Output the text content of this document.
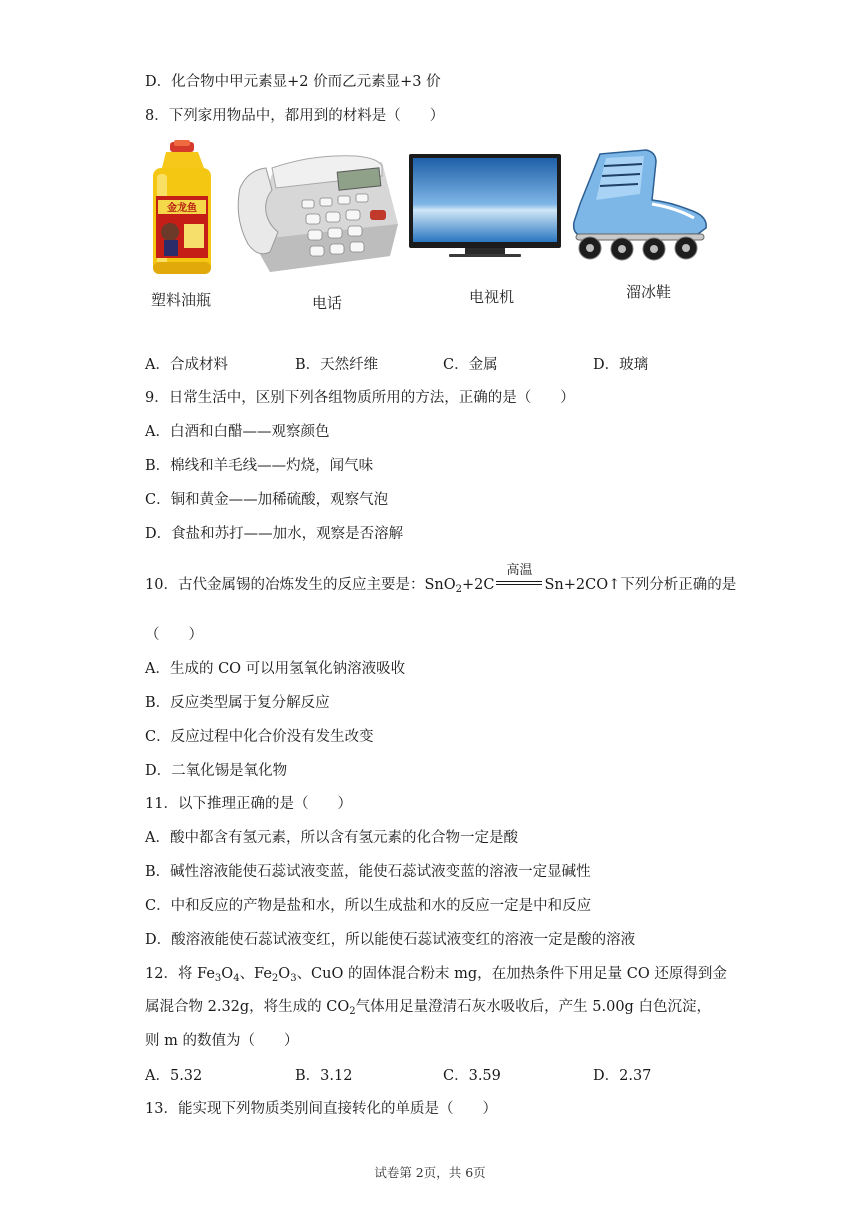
D．化合物中甲元素显+2 价而乙元素显+3 价
8．下列家用物品中，都用到的材料是（　　）
金龙鱼
塑料油瓶	电话	电视机	溜冰鞋
A．合成材料	B．天然纤维	C．金属	D．玻璃
9．日常生活中，区别下列各组物质所用的方法，正确的是（　　）
A．白酒和白醋——观察颜色
B．棉线和羊毛线——灼烧，闻气味
C．铜和黄金——加稀硫酸，观察气泡
D．食盐和苏打——加水，观察是否溶解
10．古代金属锡的冶炼发生的反应主要是：SnO$_2$+2C
高温
Sn+2CO↑下列分析正确的是
（　　）
A．生成的 CO 可以用氢氧化钠溶液吸收
B．反应类型属于复分解反应
C．反应过程中化合价没有发生改变
D．二氧化锡是氧化物
11．以下推理正确的是（　　）
A．酸中都含有氢元素，所以含有氢元素的化合物一定是酸
B．碱性溶液能使石蕊试液变蓝，能使石蕊试液变蓝的溶液一定显碱性
C．中和反应的产物是盐和水，所以生成盐和水的反应一定是中和反应
D．酸溶液能使石蕊试液变红，所以能使石蕊试液变红的溶液一定是酸的溶液
12．将 $Fe_3O_4$、$Fe_2O_3$、CuO 的固体混合粉末 mg，在加热条件下用足量 CO 还原得到金
属混合物 2.32g，将生成的 $CO_2$气体用足量澄清石灰水吸收后，产生 5.00g 白色沉淀，
则 m 的数值为（　　）
A．5.32	B．3.12	C．3.59	D．2.37
13．能实现下列物质类别间直接转化的单质是（　　）
试卷第 2页，共 6页
